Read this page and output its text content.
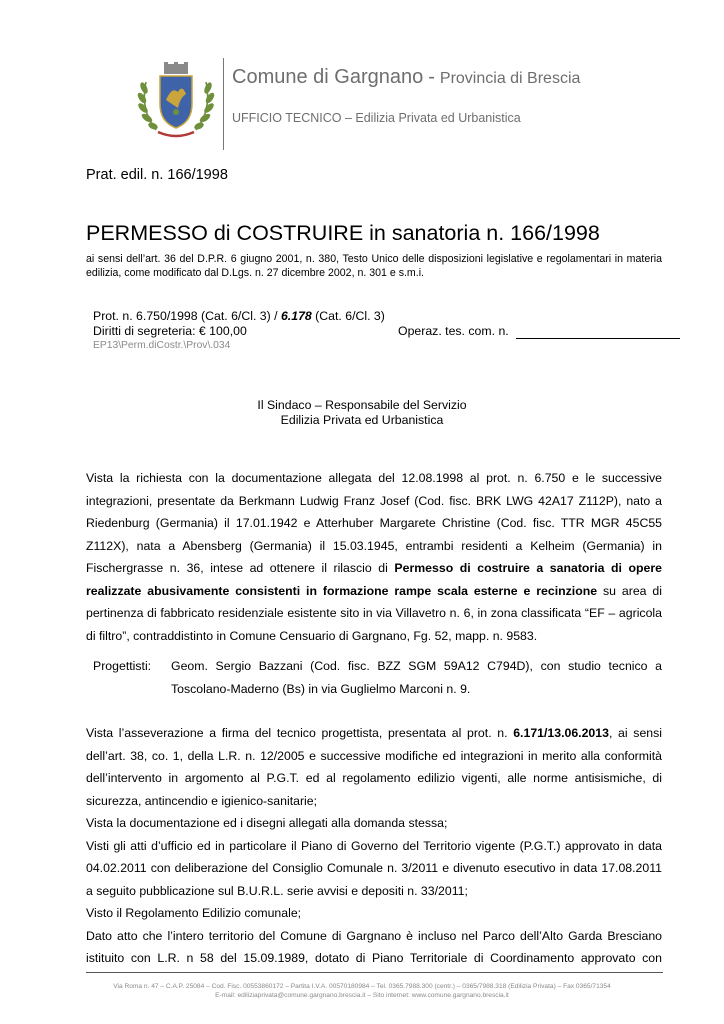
Comune di Gargnano - Provincia di Brescia
UFFICIO TECNICO – Edilizia Privata ed Urbanistica
Prat. edil. n. 166/1998
PERMESSO di COSTRUIRE in sanatoria n. 166/1998
ai sensi dell’art. 36 del D.P.R. 6 giugno 2001, n. 380, Testo Unico delle disposizioni legislative e regolamentari in materia edilizia, come modificato dal D.Lgs. n. 27 dicembre 2002, n. 301 e s.m.i.
Prot. n. 6.750/1998 (Cat. 6/Cl. 3) / 6.178 (Cat. 6/Cl. 3)
Diritti di segreteria: € 100,00	Operaz. tes. com. n.
EP13\Perm.diCostr.\Prov\.034
Il Sindaco – Responsabile del Servizio
Edilizia Privata ed Urbanistica
Vista la richiesta con la documentazione allegata del 12.08.1998 al prot. n. 6.750 e le successive integrazioni, presentate da Berkmann Ludwig Franz Josef (Cod. fisc. BRK LWG 42A17 Z112P), nato a Riedenburg (Germania) il 17.01.1942 e Atterhuber Margarete Christine (Cod. fisc. TTR MGR 45C55 Z112X), nata a Abensberg (Germania) il 15.03.1945, entrambi residenti a Kelheim (Germania) in Fischergrasse n. 36, intese ad ottenere il rilascio di Permesso di costruire a sanatoria di opere realizzate abusivamente consistenti in formazione rampe scala esterne e recinzione su area di pertinenza di fabbricato residenziale esistente sito in via Villavetro n. 6, in zona classificata “EF – agricola di filtro”, contraddistinto in Comune Censuario di Gargnano, Fg. 52, mapp. n. 9583.
Progettisti: Geom. Sergio Bazzani (Cod. fisc. BZZ SGM 59A12 C794D), con studio tecnico a Toscolano-Maderno (Bs) in via Guglielmo Marconi n. 9.
Vista l’asseverazione a firma del tecnico progettista, presentata al prot. n. 6.171/13.06.2013, ai sensi dell’art. 38, co. 1, della L.R. n. 12/2005 e successive modifiche ed integrazioni in merito alla conformità dell’intervento in argomento al P.G.T. ed al regolamento edilizio vigenti, alle norme antisismiche, di sicurezza, antincendio e igienico-sanitarie;
Vista la documentazione ed i disegni allegati alla domanda stessa;
Visti gli atti d’ufficio ed in particolare il Piano di Governo del Territorio vigente (P.G.T.) approvato in data 04.02.2011 con deliberazione del Consiglio Comunale n. 3/2011 e divenuto esecutivo in data 17.08.2011 a seguito pubblicazione sul B.U.R.L. serie avvisi e depositi n. 33/2011;
Visto il Regolamento Edilizio comunale;
Dato atto che l’intero territorio del Comune di Gargnano è incluso nel Parco dell’Alto Garda Bresciano istituito con L.R. n 58 del 15.09.1989, dotato di Piano Territoriale di Coordinamento approvato con
Via Roma n. 47 – C.A.P. 25084 – Cod. Fisc. 00553860172 – Partita I.V.A. 00570180984 – Tel. 0365.7988.300 (centr.) – 0365/7988.318 (Edilizia Privata) – Fax 0365/71354
E-mail: ediliziaprivata@comune.gargnano.brescia.it – Sito internet: www.comune.gargnano.brescia.it
